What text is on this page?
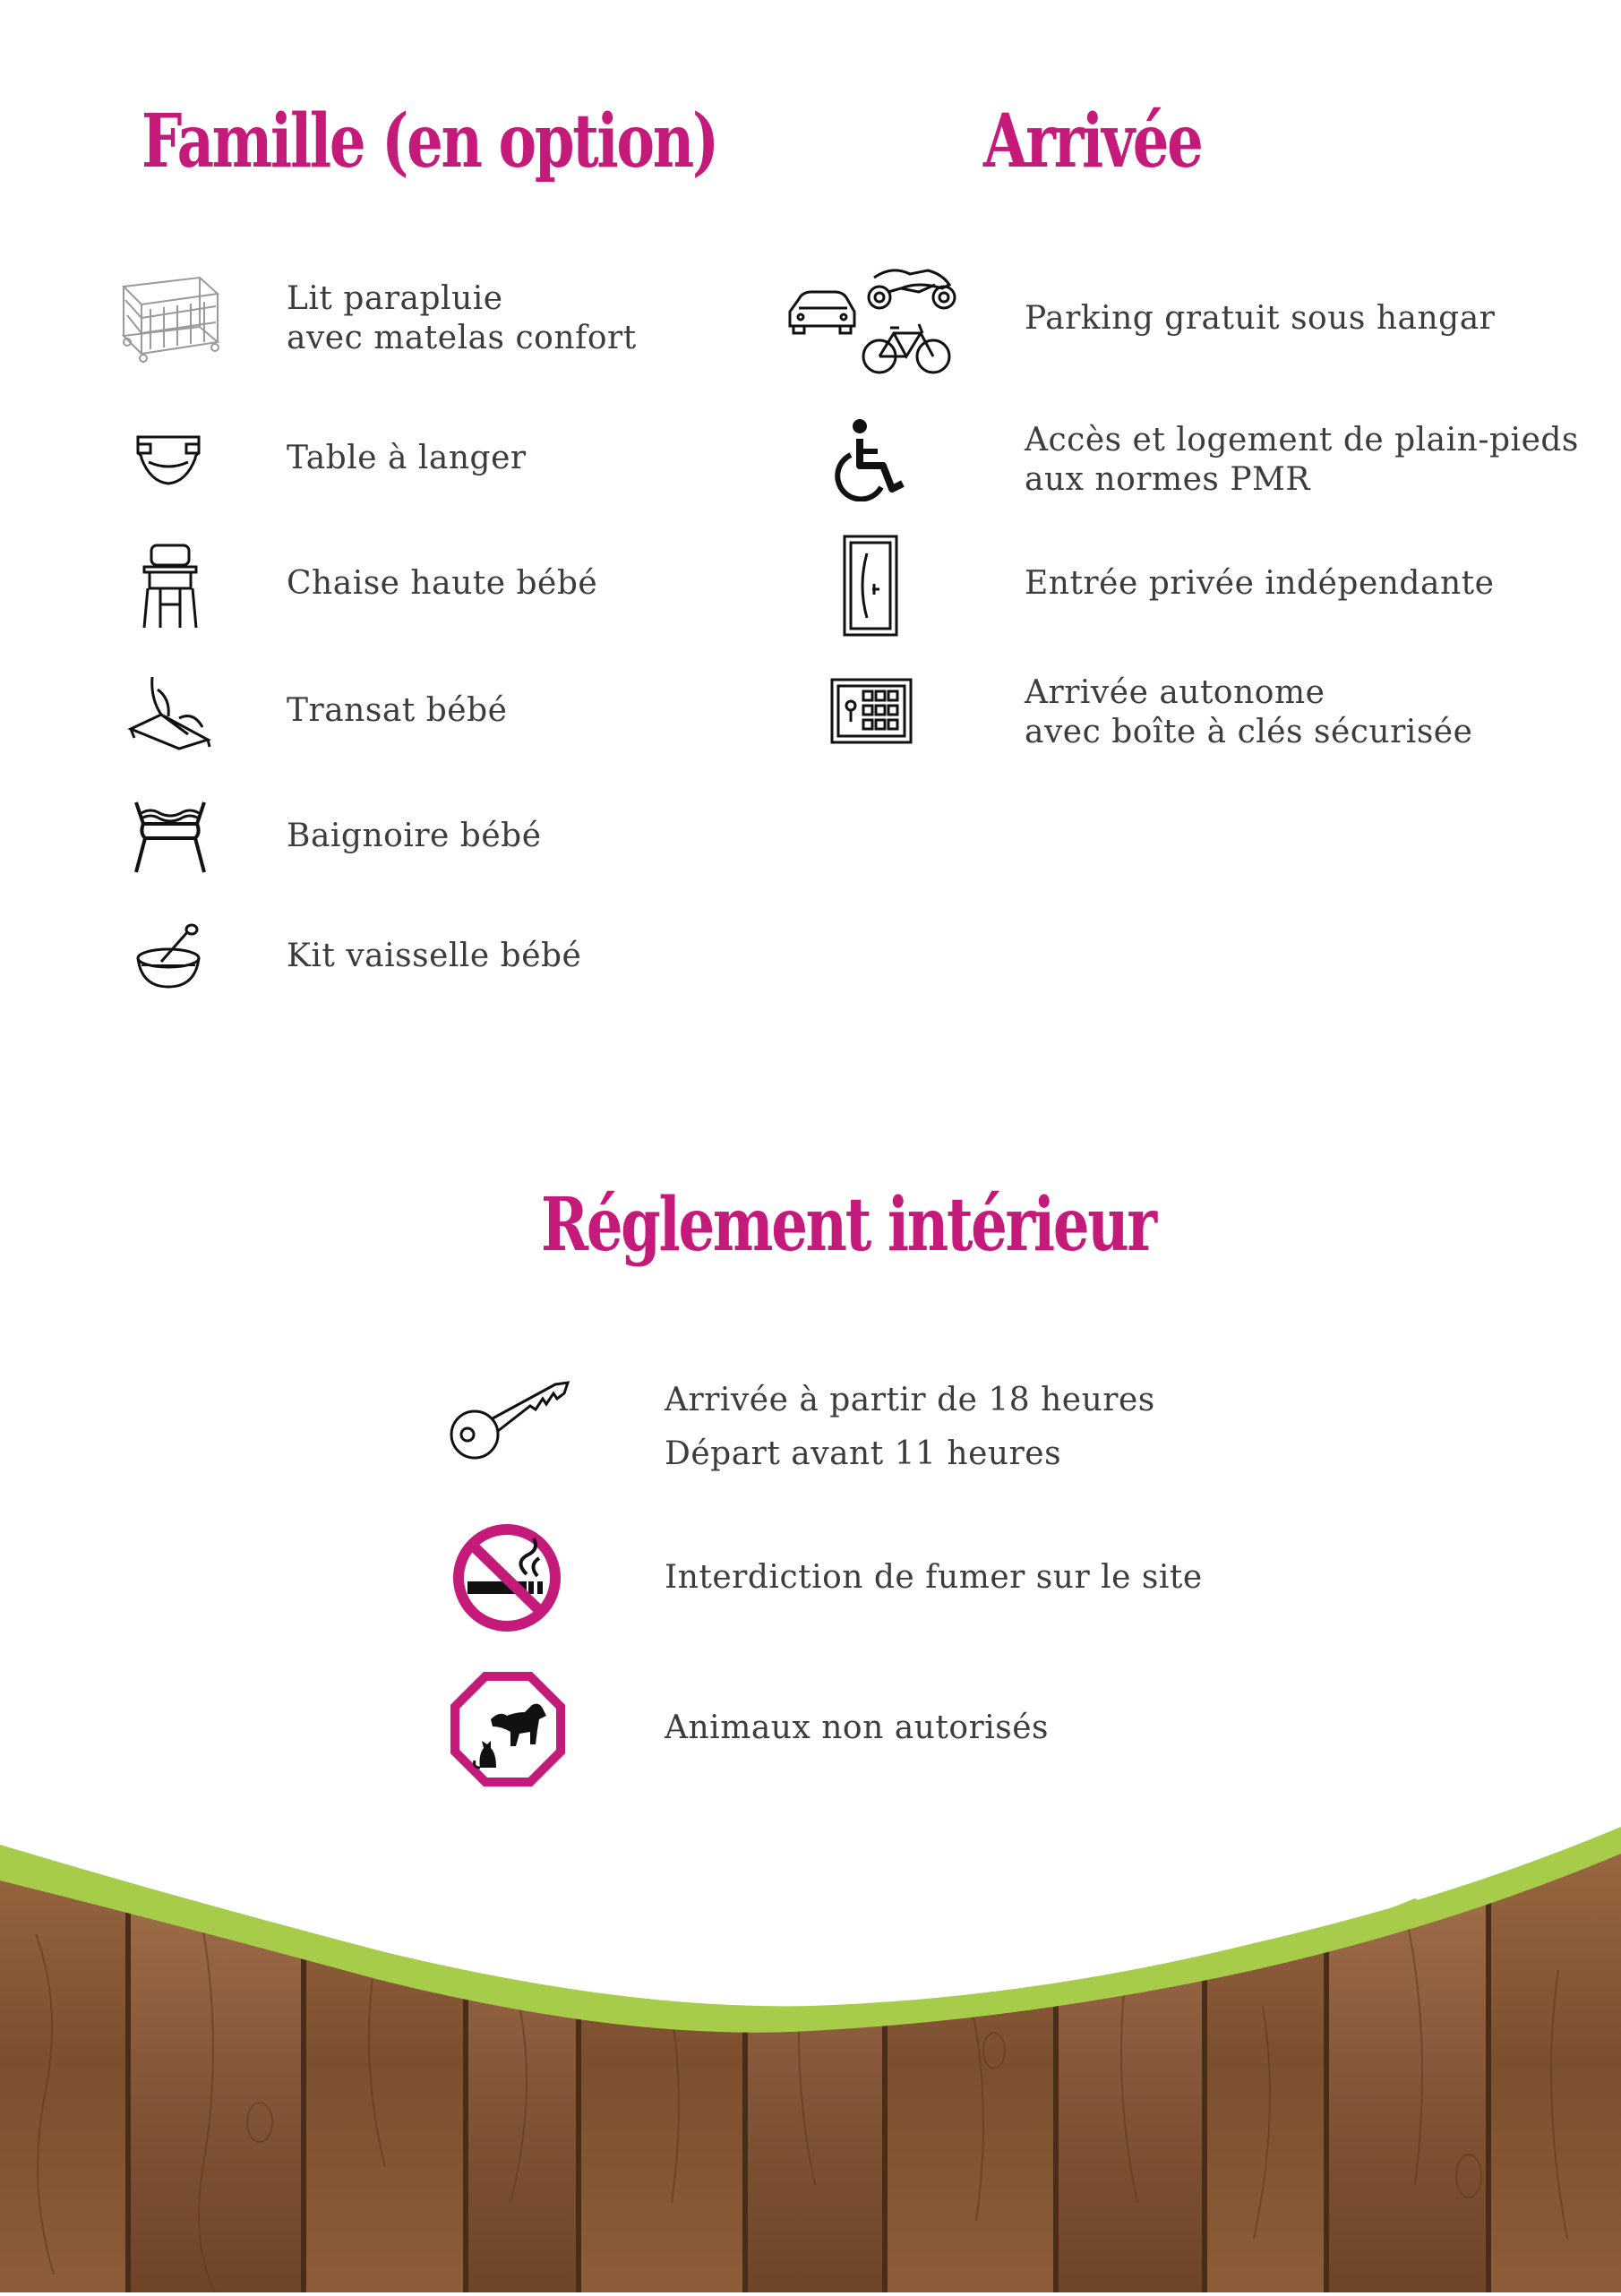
Famille (en option)	Arrivée
Réglement intérieur
Lit parapluie
avec matelas confort
Table à langer
Chaise haute bébé
Transat bébé
Baignoire bébé
Kit vaisselle bébé
Parking gratuit sous hangar
Accès et logement de plain-pieds
aux normes PMR
Entrée privée indépendante
Arrivée autonome
avec boîte à clés sécurisée
Arrivée à partir de 18 heures
Départ avant 11 heures
Interdiction de fumer sur le site
Animaux non autorisés
